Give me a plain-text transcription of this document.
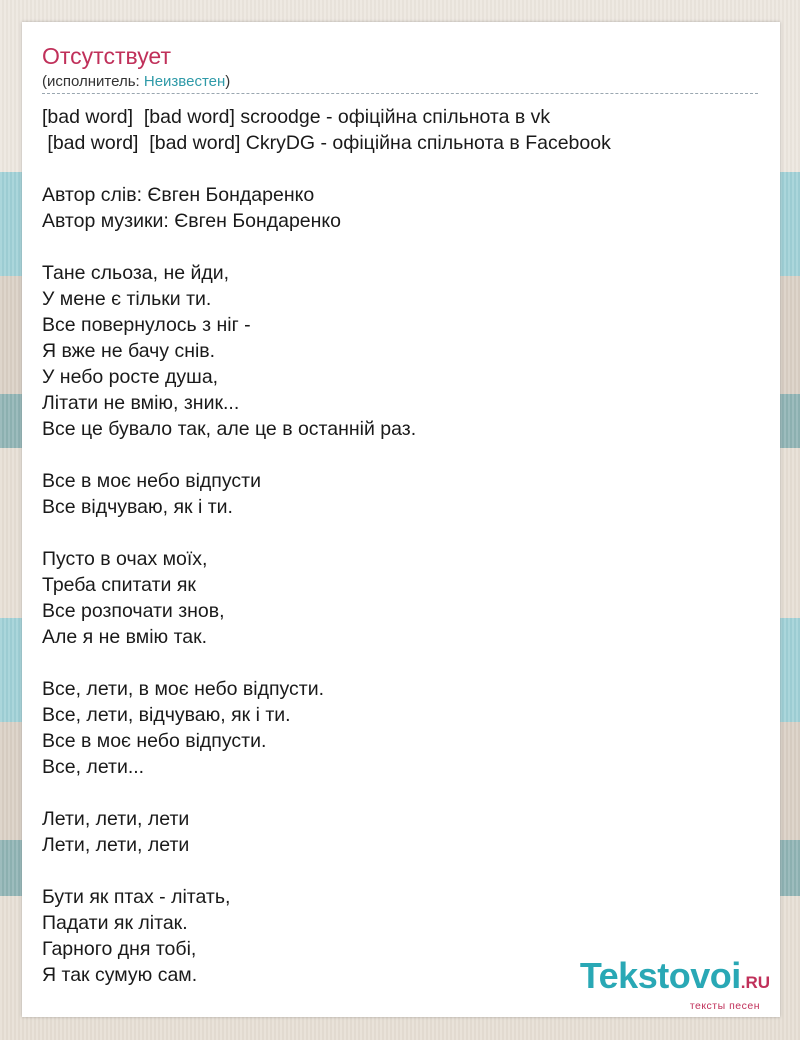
Отсутствует
(исполнитель: Неизвестен)
[bad word]  [bad word] scroodge - офіційна спільнота в vk
[bad word]  [bad word] CkryDG - офіційна спільнота в Facebook
Автор слів: Євген Бондаренко
Автор музики: Євген Бондаренко
Тане сльоза, не йди,
У мене є тільки ти.
Все повернулось з ніг -
Я вже не бачу снів.
У небо росте душа,
Літати не вмію, зник...
Все це бувало так, але це в останній раз.
Все в моє небо відпусти
Все відчуваю, як і ти.
Пусто в очах моїх,
Треба спитати як
Все розпочати знов,
Але я не вмію так.
Все, лети, в моє небо відпусти.
Все, лети, відчуваю, як і ти.
Все в моє небо відпусти.
Все, лети...
Лети, лети, лети
Лети, лети, лети
Бути як птах - літать,
Падати як літак.
Гарного дня тобі,
Я так сумую сам.	Tekstovoi.RU
тексты песен
